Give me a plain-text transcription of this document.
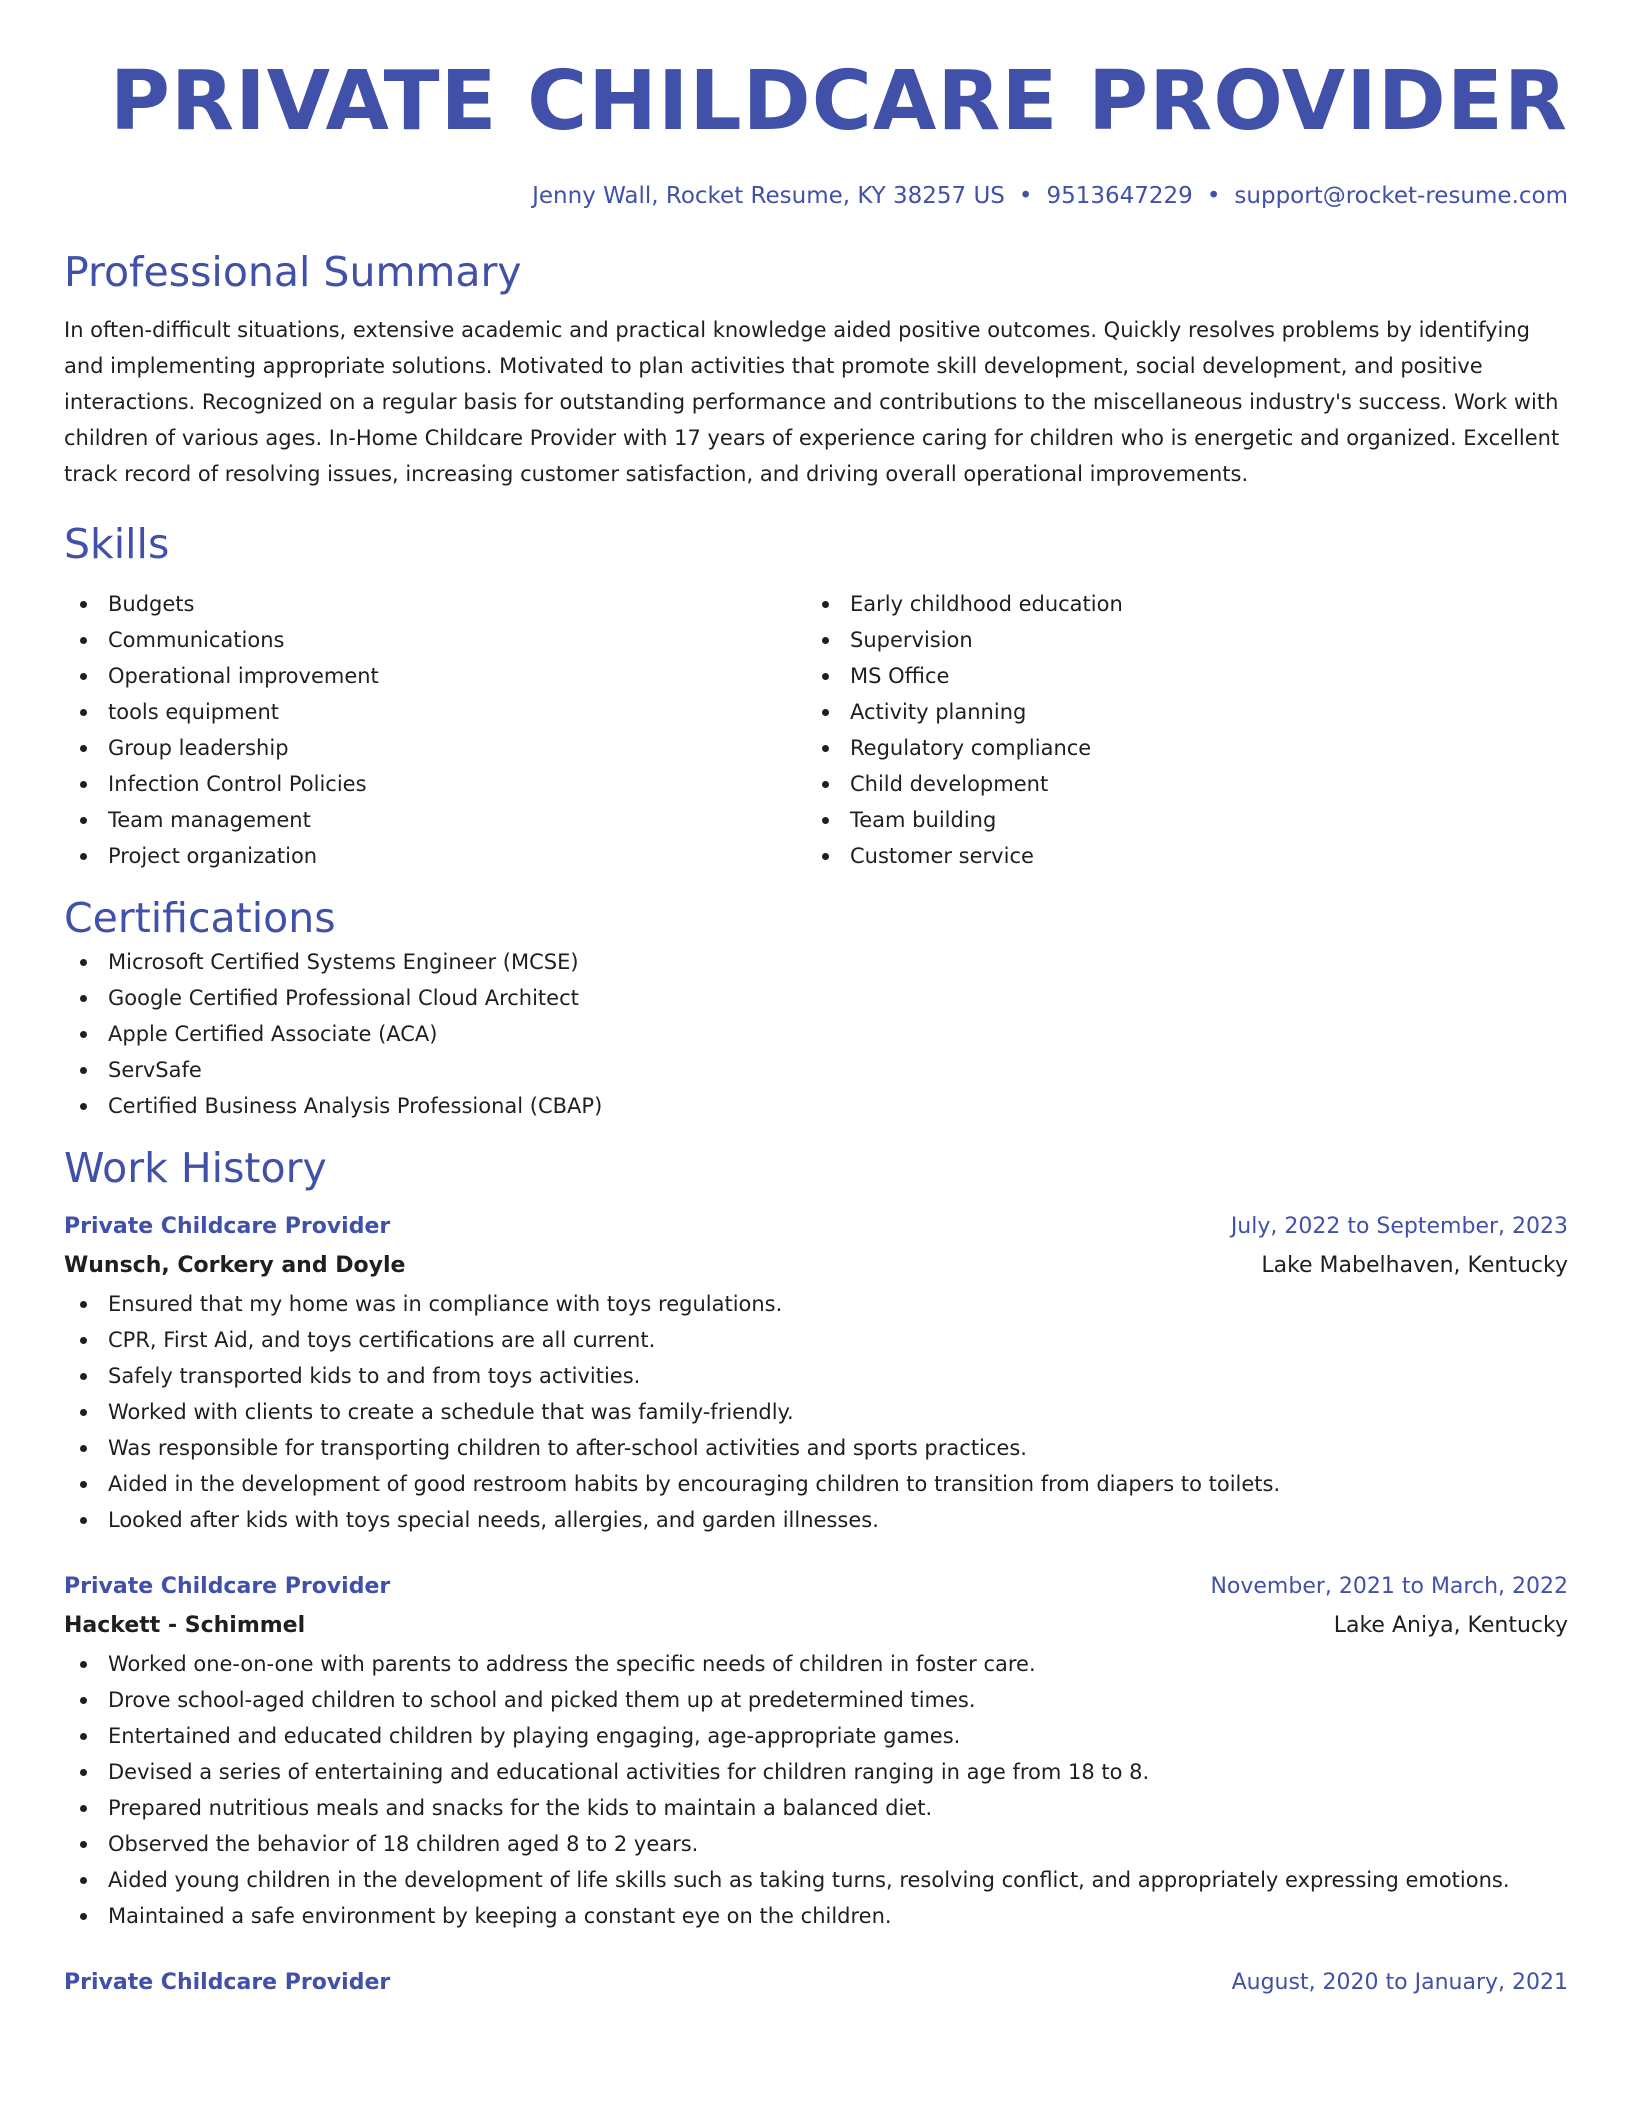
PRIVATE CHILDCARE PROVIDER
Jenny Wall, Rocket Resume, KY 38257 US • 9513647229 • support@rocket-resume.com
Professional Summary
In often-difficult situations, extensive academic and practical knowledge aided positive outcomes. Quickly resolves problems by identifying and implementing appropriate solutions. Motivated to plan activities that promote skill development, social development, and positive interactions. Recognized on a regular basis for outstanding performance and contributions to the miscellaneous industry's success. Work with children of various ages. In-Home Childcare Provider with 17 years of experience caring for children who is energetic and organized. Excellent track record of resolving issues, increasing customer satisfaction, and driving overall operational improvements.
Skills
Budgets
Communications
Operational improvement
tools equipment
Group leadership
Infection Control Policies
Team management
Project organization
Early childhood education
Supervision
MS Office
Activity planning
Regulatory compliance
Child development
Team building
Customer service
Certifications
Microsoft Certified Systems Engineer (MCSE)
Google Certified Professional Cloud Architect
Apple Certified Associate (ACA)
ServSafe
Certified Business Analysis Professional (CBAP)
Work History
Private Childcare Provider	July, 2022 to September, 2023
Wunsch, Corkery and Doyle	Lake Mabelhaven, Kentucky
Ensured that my home was in compliance with toys regulations.
CPR, First Aid, and toys certifications are all current.
Safely transported kids to and from toys activities.
Worked with clients to create a schedule that was family-friendly.
Was responsible for transporting children to after-school activities and sports practices.
Aided in the development of good restroom habits by encouraging children to transition from diapers to toilets.
Looked after kids with toys special needs, allergies, and garden illnesses.
Private Childcare Provider	November, 2021 to March, 2022
Hackett - Schimmel	Lake Aniya, Kentucky
Worked one-on-one with parents to address the specific needs of children in foster care.
Drove school-aged children to school and picked them up at predetermined times.
Entertained and educated children by playing engaging, age-appropriate games.
Devised a series of entertaining and educational activities for children ranging in age from 18 to 8.
Prepared nutritious meals and snacks for the kids to maintain a balanced diet.
Observed the behavior of 18 children aged 8 to 2 years.
Aided young children in the development of life skills such as taking turns, resolving conflict, and appropriately expressing emotions.
Maintained a safe environment by keeping a constant eye on the children.
Private Childcare Provider	August, 2020 to January, 2021
